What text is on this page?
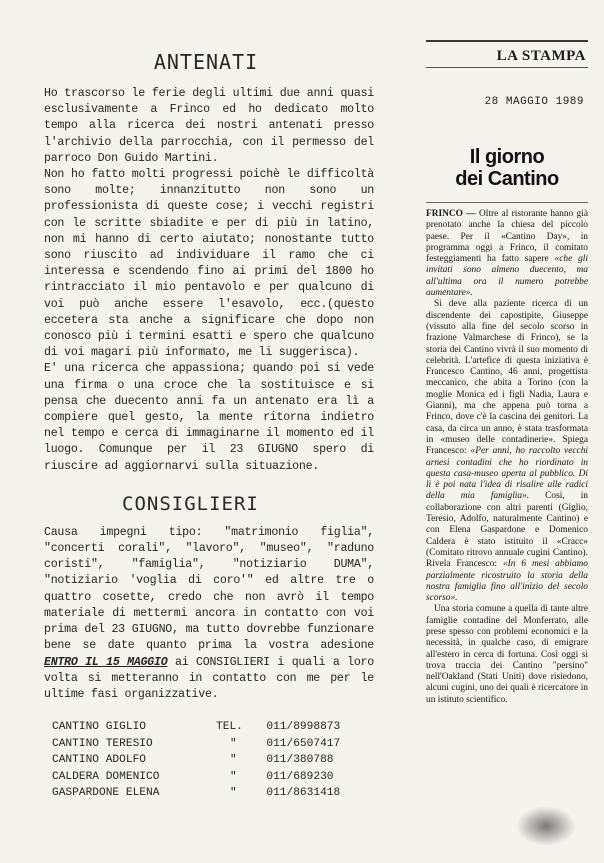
ANTENATI

Ho trascorso le ferie degli ultimi due anni quasi esclusivamente a Frinco ed ho dedicato molto tempo alla ricerca dei nostri antenati presso l'archivio della parrocchia, con il permesso del parroco Don Guido Martini.

Non ho fatto molti progressi poichè le difficoltà sono molte; innanzitutto non sono un professionista di queste cose; i vecchi registri con le scritte sbiadite e per di più in latino, non mi hanno di certo aiutato; nonostante tutto sono riuscito ad individuare il ramo che ci interessa e scendendo fino ai primi del 1800 ho rintracciato il mio pentavolo e per qualcuno di voi può anche essere l'esavolo, ecc.(questo eccetera sta anche a significare che dopo non conosco più i termini esatti e spero che qualcuno di voi magari più informato, me li suggerisca).

E' una ricerca che appassiona; quando poi si vede una firma o una croce che la sostituisce e si pensa che duecento anni fa un antenato era lì a compiere quel gesto, la mente ritorna indietro nel tempo e cerca di immaginarne il momento ed il luogo. Comunque per il 23 GIUGNO spero di riuscire ad aggiornarvi sulla situazione.

CONSIGLIERI
Causa impegni tipo: "matrimonio figlia", "concerti corali", "lavoro", "museo", "raduno coristi", "famiglia", "notiziario DUMA", "notiziario 'voglia di coro'" ed altre tre o quattro cosette, credo che non avrò il tempo materiale di mettermi ancora in contatto con voi prima del 23 GIUGNO, ma tutto dovrebbe funzionare bene se date quanto prima la vostra adesione ENTRO IL 15 MAGGIO ai CONSIGLIERI i quali a loro volta si metteranno in contatto con me per le ultime fasi organizzative.
CANTINO GIGLIO	TEL.	011/8998873
CANTINO TERESIO	"	011/6507417
CANTINO ADOLFO	"	011/380788
CALDERA DOMENICO	"	011/689230
GASPARDONE ELENA	"	011/8631418
LA STAMPA
28 MAGGIO 1989
Il giorno
dei Cantino

FRINCO — Oltre al ristorante hanno già prenotato anche la chiesa del piccolo paese. Per il «Cantino Day», in programma oggi a Frinco, il comitato festeggiamenti ha fatto sapere «che gli invitati sono almeno duecento, ma all'ultima ora il numero potrebbe aumentare».

Si deve alla paziente ricerca di un discendente dei capostipite, Giuseppe (vissuto alla fine del secolo scorso in frazione Valmarchese di Frinco), se la storia dei Cantino vivrà il suo momento di celebrità. L'artefice di questa iniziativa è Francesco Cantino, 46 anni, progettista meccanico, che abita a Torino (con la moglie Monica ed i figli Nadia, Laura e Gianni), ma che appena può torna a Frinco, dove c'è la cascina dei genitori. La casa, da circa un anno, è stata trasformata in «museo delle contadinerie». Spiega Francesco: «Per anni, ho raccolto vecchi arnesi contadini che ho riordinato in questa casa-museo aperta al pubblico. Di lì è poi nata l'idea di risalire alle radici della mia famiglia». Così, in collaborazione con altri parenti (Giglio, Teresio, Adolfo, naturalmente Cantino) e con Elena Gaspardone e Domenico Caldera è stato istituito il «Cracc» (Comitato ritrovo annuale cugini Cantino). Rivela Francesco: «In 6 mesi abbiamo parzialmente ricostruito la storia della nostra famiglia fino all'inizio del secolo scorso».

Una storia comune a quella di tante altre famiglie contadine del Monferrato, alle prese spesso con problemi economici e la necessità, in qualche caso, di emigrare all'estero in cerca di fortuna. Così oggi si trova traccia dei Cantino "persino" nell'Oakland (Stati Uniti) dove risiedono, alcuni cugini, uno dei quali è ricercatore in un istituto scientifico.
